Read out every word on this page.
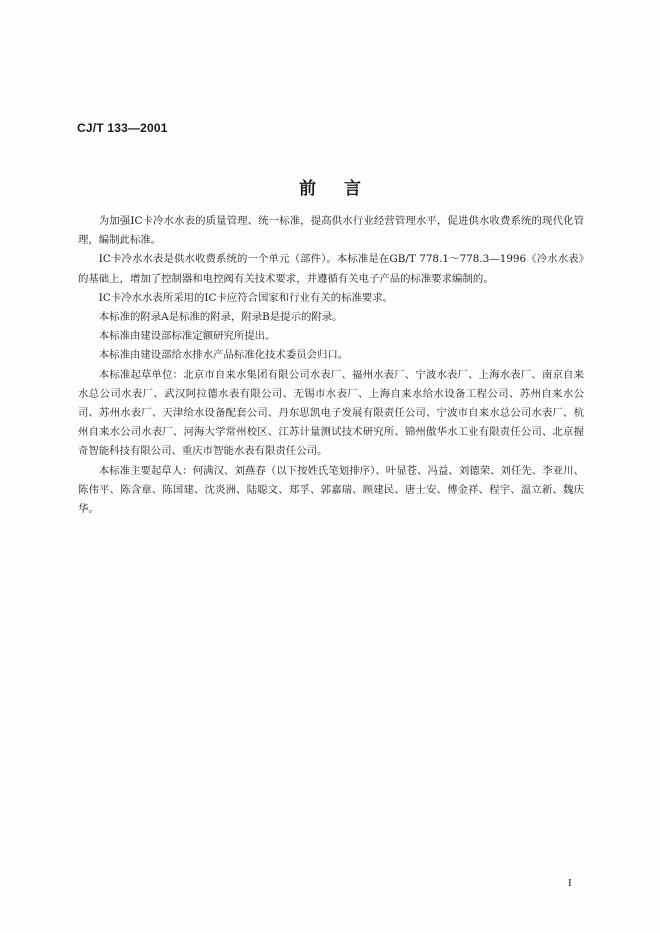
CJ/T 133—2001
前言

为加强IC卡冷水水表的质量管理、统一标准，提高供水行业经营管理水平，促进供水收费系统的现代化管理，编制此标准。

IC卡冷水水表是供水收费系统的一个单元（部件）。本标准是在GB/T 778.1～778.3—1996《冷水水表》的基础上，增加了控制器和电控阀有关技术要求，并遵循有关电子产品的标准要求编制的。

IC卡冷水水表所采用的IC卡应符合国家和行业有关的标准要求。

本标准的附录A是标准的附录，附录B是提示的附录。

本标准由建设部标准定额研究所提出。

本标准由建设部给水排水产品标准化技术委员会归口。

本标准起草单位：北京市自来水集团有限公司水表厂、福州水表厂、宁波水表厂、上海水表厂、南京自来水总公司水表厂、武汉阿拉德水表有限公司、无锡市水表厂、上海自来水给水设备工程公司、苏州自来水公司、苏州水表厂、天津给水设备配套公司、丹东思凯电子发展有限责任公司、宁波市自来水总公司水表厂、杭州自来水公司水表厂、河海大学常州校区、江苏计量测试技术研究所、锦州傲华水工业有限责任公司、北京握奇智能科技有限公司、重庆市智能水表有限责任公司。

本标准主要起草人：何满汉、刘燕春（以下按姓氏笔划排序）、叶显苍、冯益、刘德荣、刘任先、李亚川、陈伟平、陈含章、陈国建、沈炎洲、陆聪文、郑孚、郭嘉瑞、顾建民、唐士安、傅金祥、程宇、温立新、魏庆华。

I
